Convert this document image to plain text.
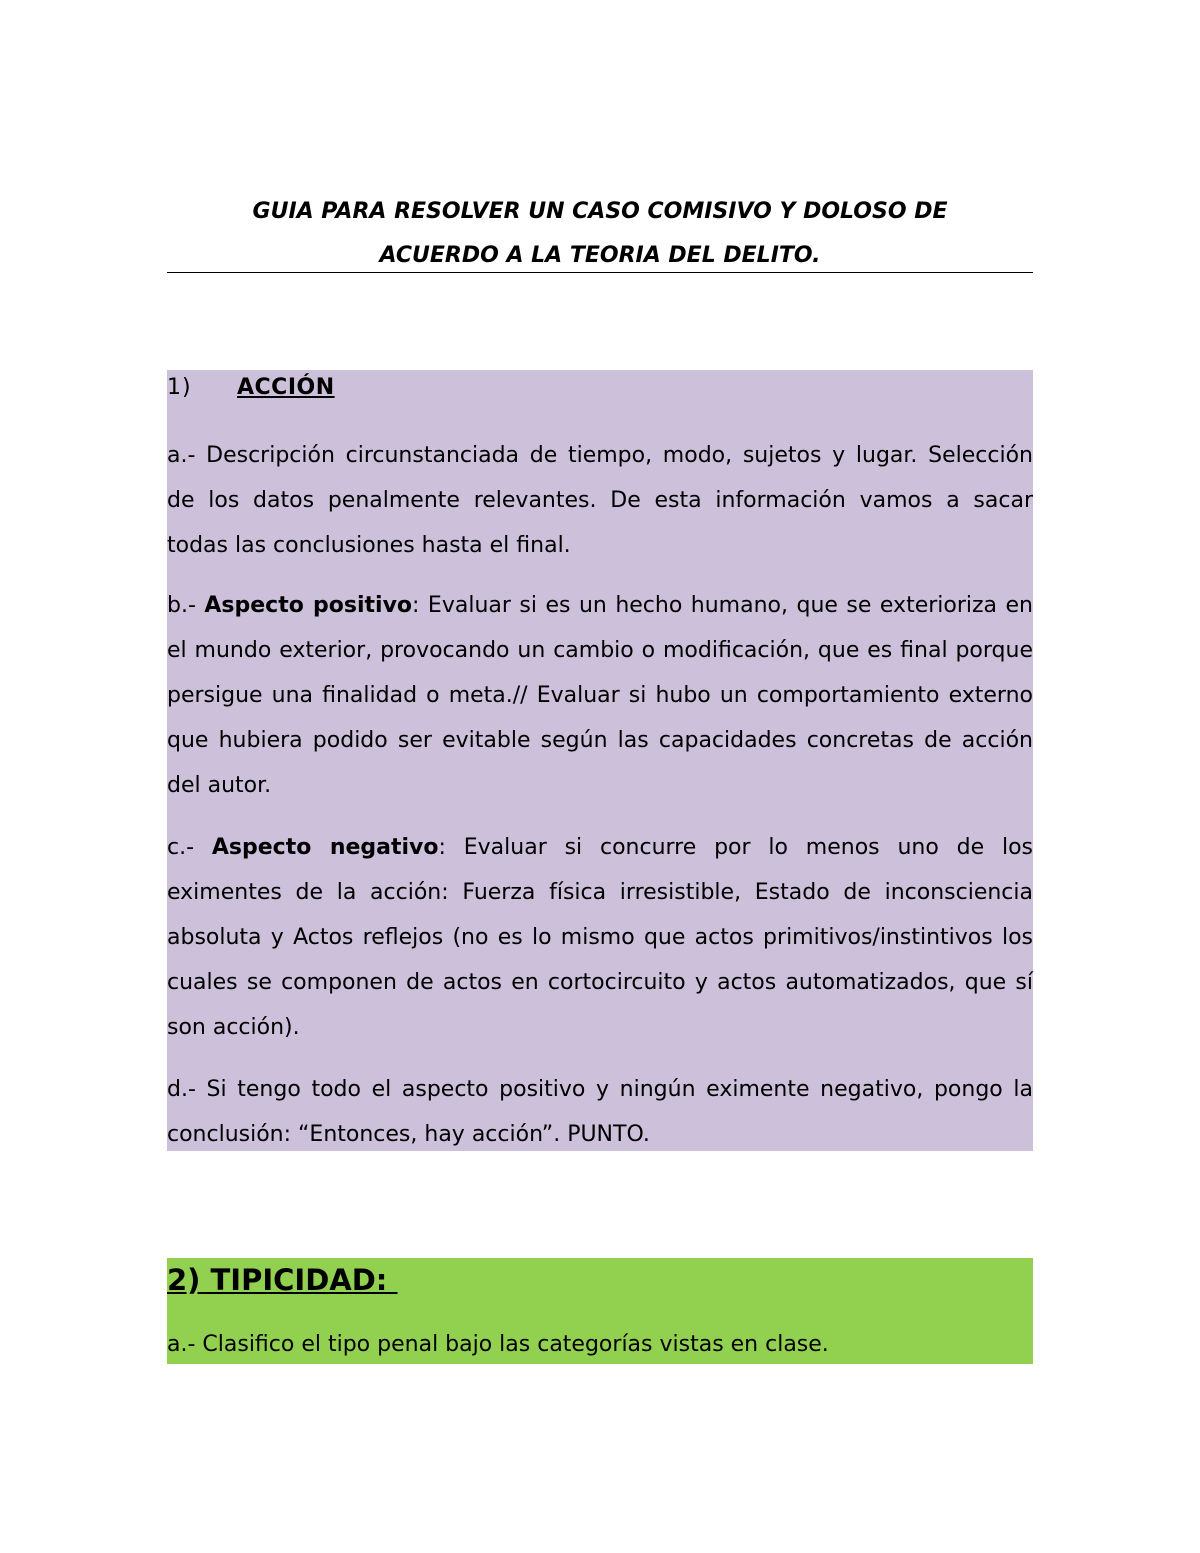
GUIA PARA RESOLVER UN CASO COMISIVO Y DOLOSO DE
ACUERDO A LA TEORIA DEL DELITO.
1) ACCIÓN
a.- Descripción circunstanciada de tiempo, modo, sujetos y lugar. Selección de los datos penalmente relevantes. De esta información vamos a sacar todas las conclusiones hasta el final.
b.- Aspecto positivo: Evaluar si es un hecho humano, que se exterioriza en el mundo exterior, provocando un cambio o modificación, que es final porque persigue una finalidad o meta.// Evaluar si hubo un comportamiento externo que hubiera podido ser evitable según las capacidades concretas de acción del autor.
c.- Aspecto negativo: Evaluar si concurre por lo menos uno de los eximentes de la acción: Fuerza física irresistible, Estado de inconsciencia absoluta y Actos reflejos (no es lo mismo que actos primitivos/instintivos los cuales se componen de actos en cortocircuito y actos automatizados, que sí son acción).
d.- Si tengo todo el aspecto positivo y ningún eximente negativo, pongo la conclusión: “Entonces, hay acción”. PUNTO.
2) TIPICIDAD:
a.- Clasifico el tipo penal bajo las categorías vistas en clase.
